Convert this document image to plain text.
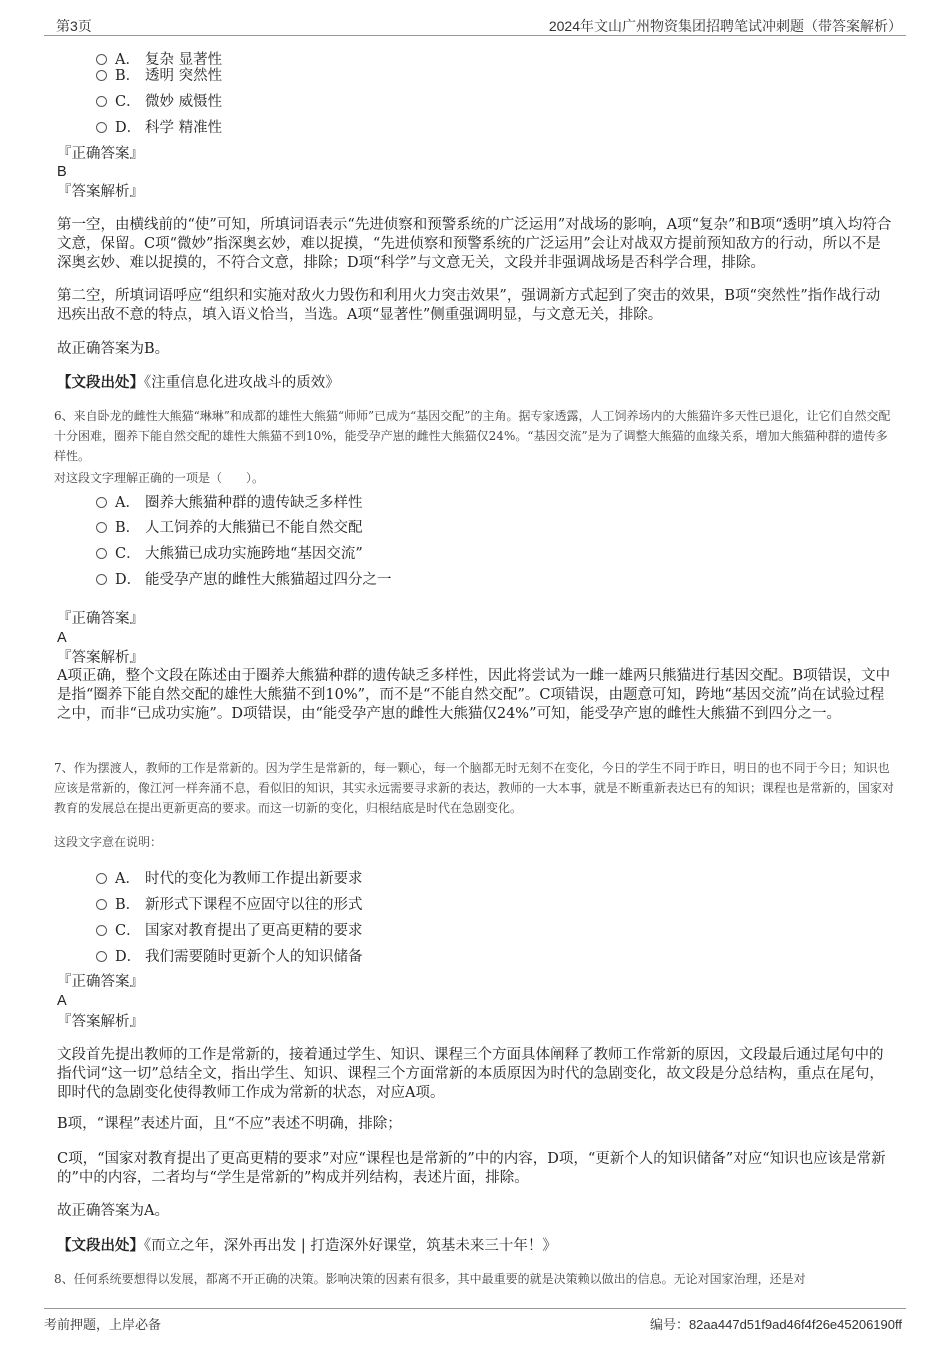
第3页	2024年文山广州物资集团招聘笔试冲刺题（带答案解析）
A． 复杂 显著性
B． 透明 突然性
C． 微妙 威慑性
D． 科学 精准性
『正确答案』
B
『答案解析』
第一空，由横线前的“使”可知，所填词语表示“先进侦察和预警系统的广泛运用”对战场的影响，A项“复杂”和B项“透明”填入均符合文意，保留。C项“微妙”指深奥玄妙，难以捉摸，“先进侦察和预警系统的广泛运用”会让对战双方提前预知敌方的行动，所以不是深奥玄妙、难以捉摸的，不符合文意，排除；D项“科学”与文意无关，文段并非强调战场是否科学合理，排除。
第二空，所填词语呼应“组织和实施对敌火力毁伤和利用火力突击效果”，强调新方式起到了突击的效果，B项“突然性”指作战行动迅疾出敌不意的特点，填入语义恰当，当选。A项“显著性”侧重强调明显，与文意无关，排除。
故正确答案为B。
【文段出处】《注重信息化进攻战斗的质效》
6、来自卧龙的雌性大熊猫“琳琳”和成都的雄性大熊猫“师师”已成为“基因交配”的主角。据专家透露，人工饲养场内的大熊猫许多天性已退化，让它们自然交配十分困难，圈养下能自然交配的雄性大熊猫不到10%，能受孕产崽的雌性大熊猫仅24%。“基因交流”是为了调整大熊猫的血缘关系，增加大熊猫种群的遗传多样性。
对这段文字理解正确的一项是（　　）。
A． 圈养大熊猫种群的遗传缺乏多样性
B． 人工饲养的大熊猫已不能自然交配
C． 大熊猫已成功实施跨地“基因交流”
D． 能受孕产崽的雌性大熊猫超过四分之一
『正确答案』
A
『答案解析』
A项正确，整个文段在陈述由于圈养大熊猫种群的遗传缺乏多样性，因此将尝试为一雌一雄两只熊猫进行基因交配。B项错误，文中是指“圈养下能自然交配的雄性大熊猫不到10%”，而不是“不能自然交配”。C项错误，由题意可知，跨地“基因交流”尚在试验过程之中，而非“已成功实施”。D项错误，由“能受孕产崽的雌性大熊猫仅24%”可知，能受孕产崽的雌性大熊猫不到四分之一。
7、作为摆渡人，教师的工作是常新的。因为学生是常新的，每一颗心，每一个脑都无时无刻不在变化，今日的学生不同于昨日，明日的也不同于今日；知识也应该是常新的，像江河一样奔涌不息，看似旧的知识，其实永远需要寻求新的表达，教师的一大本事，就是不断重新表达已有的知识；课程也是常新的，国家对教育的发展总在提出更新更高的要求。而这一切新的变化，归根结底是时代在急剧变化。
这段文字意在说明：
A． 时代的变化为教师工作提出新要求
B． 新形式下课程不应固守以往的形式
C． 国家对教育提出了更高更精的要求
D． 我们需要随时更新个人的知识储备
『正确答案』
A
『答案解析』
文段首先提出教师的工作是常新的，接着通过学生、知识、课程三个方面具体阐释了教师工作常新的原因，文段最后通过尾句中的指代词“这一切”总结全文，指出学生、知识、课程三个方面常新的本质原因为时代的急剧变化，故文段是分总结构，重点在尾句，即时代的急剧变化使得教师工作成为常新的状态，对应A项。
B项，“课程”表述片面，且“不应”表述不明确，排除；
C项，“国家对教育提出了更高更精的要求”对应“课程也是常新的”中的内容，D项，“更新个人的知识储备”对应“知识也应该是常新的”中的内容，二者均与“学生是常新的”构成并列结构，表述片面，排除。
故正确答案为A。
【文段出处】《而立之年，深外再出发 | 打造深外好课堂，筑基未来三十年！》
8、任何系统要想得以发展，都离不开正确的决策。影响决策的因素有很多，其中最重要的就是决策赖以做出的信息。无论对国家治理，还是对
考前押题，上岸必备	编号：82aa447d51f9ad46f4f26e45206190ff
